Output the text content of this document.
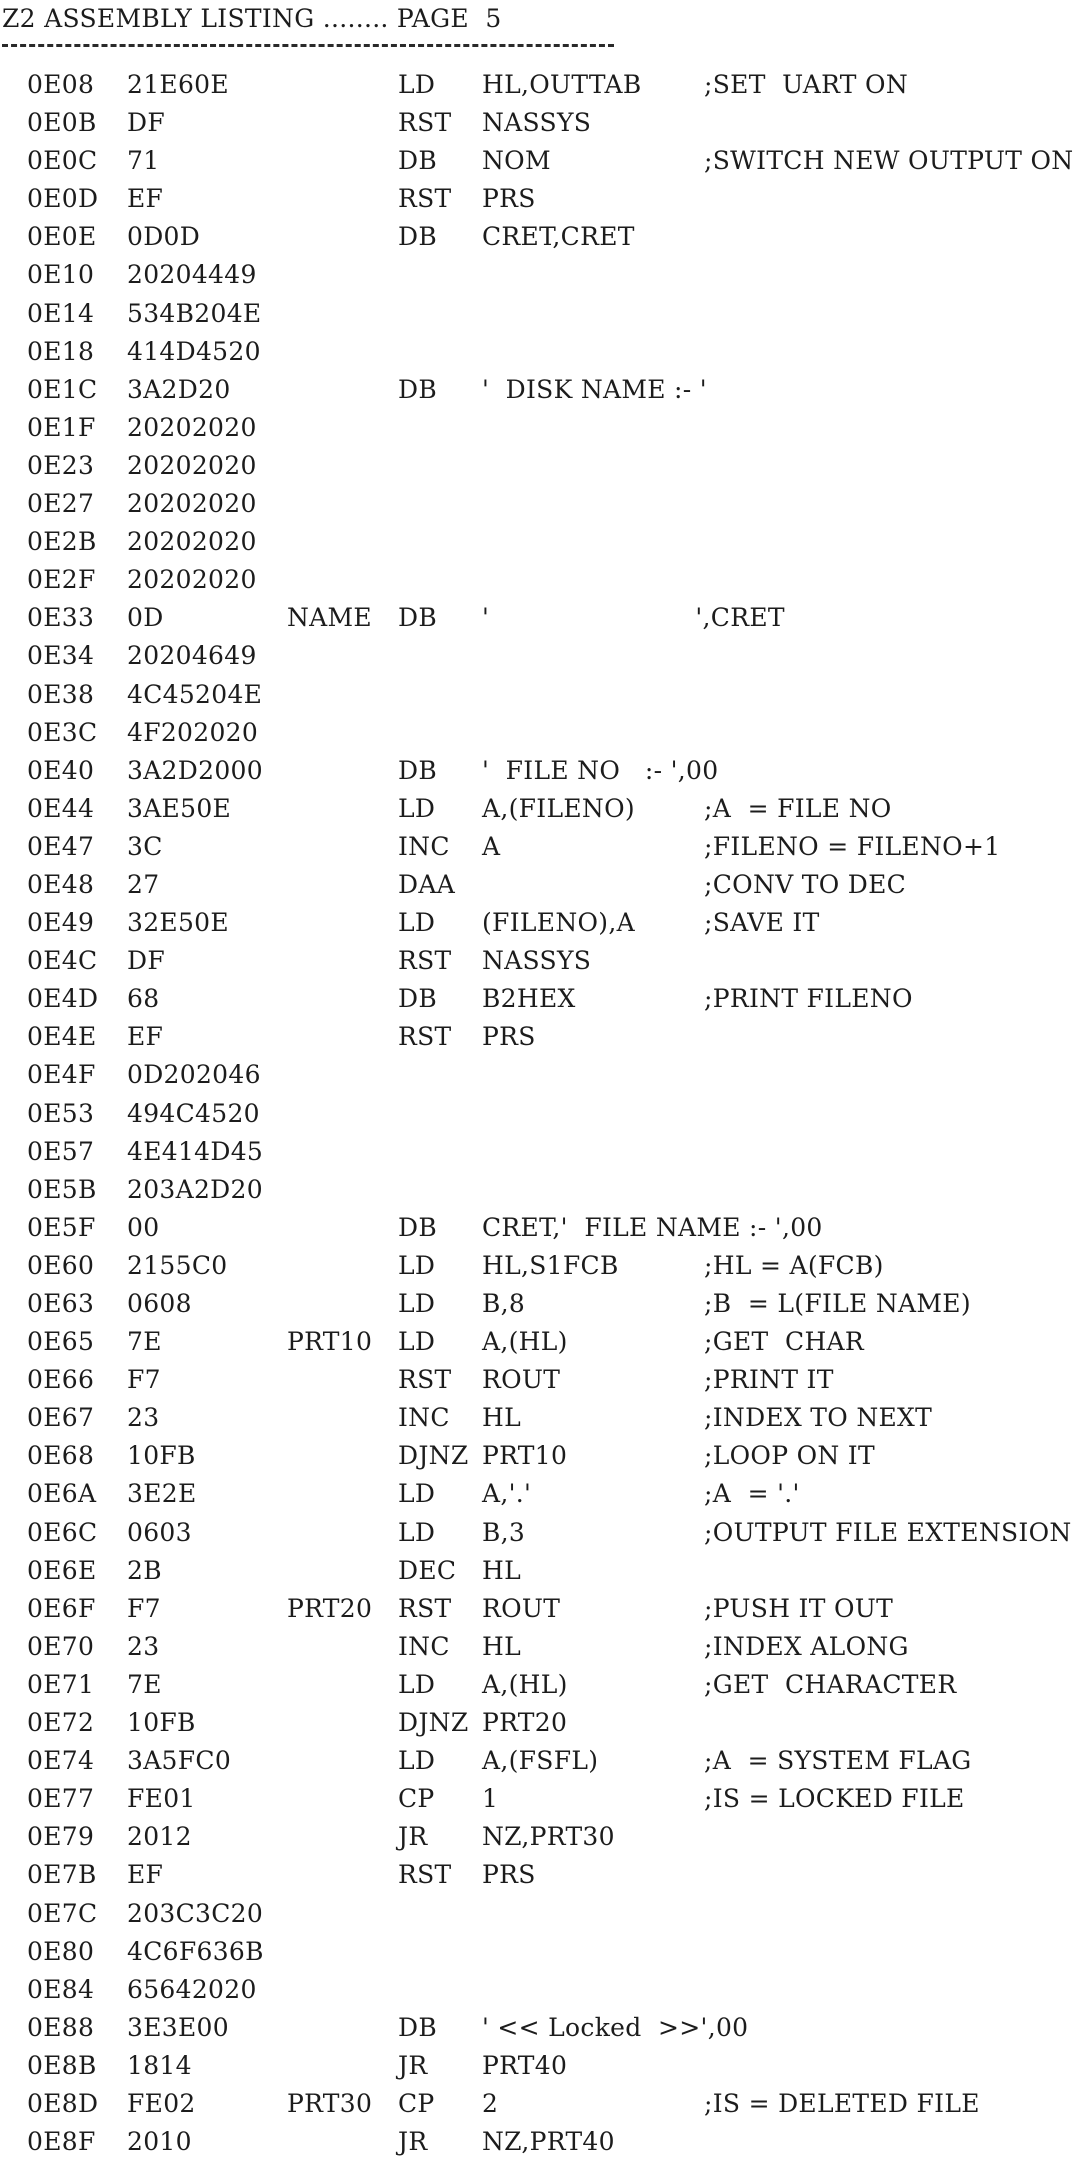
Z2 ASSEMBLY LISTING ........ PAGE  5
0E08 21E60E	LD HL,OUTTAB	;SET  UART ON
0E0B DF	RST NASSYS
0E0C 71	DB NOM	;SWITCH NEW OUTPUT ON
0E0D EF	RST PRS
0E0E 0D0D	DB CRET,CRET
0E10 20204449
0E14 534B204E
0E18 414D4520
0E1C 3A2D20	DB '  DISK NAME :- '
0E1F 20202020
0E23 20202020
0E27 20202020
0E2B 20202020
0E2F 20202020
0E33 0D	NAME DB '                         ',CRET
0E34 20204649
0E38 4C45204E
0E3C 4F202020
0E40 3A2D2000	DB '  FILE NO   :- ',00
0E44 3AE50E	LD A,(FILENO)	;A  = FILE NO
0E47 3C	INC A	;FILENO = FILENO+1
0E48 27	DAA	;CONV TO DEC
0E49 32E50E	LD (FILENO),A	;SAVE IT
0E4C DF	RST NASSYS
0E4D 68	DB B2HEX	;PRINT FILENO
0E4E EF	RST PRS
0E4F 0D202046
0E53 494C4520
0E57 4E414D45
0E5B 203A2D20
0E5F 00	DB CRET,'  FILE NAME :- ',00
0E60 2155C0	LD HL,S1FCB	;HL = A(FCB)
0E63 0608	LD B,8	;B  = L(FILE NAME)
0E65 7E	PRT10 LD A,(HL)	;GET  CHAR
0E66 F7	RST ROUT	;PRINT IT
0E67 23	INC HL	;INDEX TO NEXT
0E68 10FB	DJNZ PRT10	;LOOP ON IT
0E6A 3E2E	LD A,'.'	;A  = '.'
0E6C 0603	LD B,3	;OUTPUT FILE EXTENSION
0E6E 2B	DEC HL
0E6F F7	PRT20 RST ROUT	;PUSH IT OUT
0E70 23	INC HL	;INDEX ALONG
0E71 7E	LD A,(HL)	;GET  CHARACTER
0E72 10FB	DJNZ PRT20
0E74 3A5FC0	LD A,(FSFL)	;A  = SYSTEM FLAG
0E77 FE01	CP 1	;IS = LOCKED FILE
0E79 2012	JR NZ,PRT30
0E7B EF	RST PRS
0E7C 203C3C20
0E80 4C6F636B
0E84 65642020
0E88 3E3E00	DB ' << Locked  >>',00
0E8B 1814	JR PRT40
0E8D FE02	PRT30 CP 2	;IS = DELETED FILE
0E8F 2010	JR NZ,PRT40
